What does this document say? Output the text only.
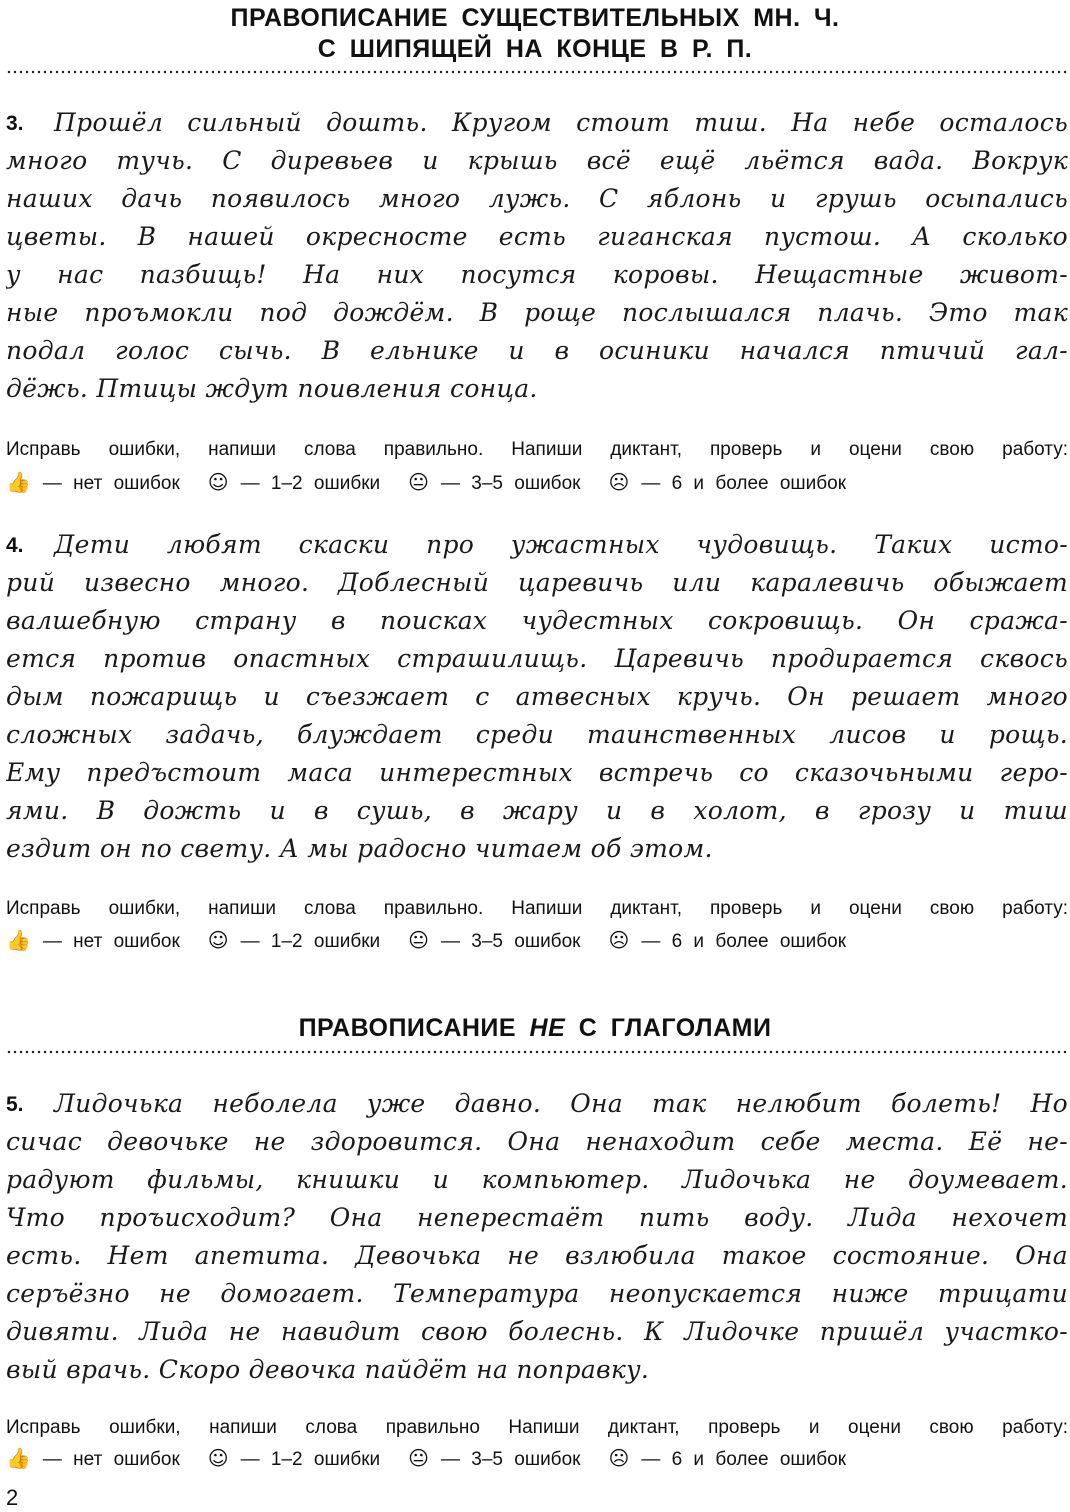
ПРАВОПИСАНИЕ СУЩЕСТВИТЕЛЬНЫХ МН. Ч.
С ШИПЯЩЕЙ НА КОНЦЕ В Р. П.
3.	Прошёл сильный дошть. Кругом стоит тиш. На небе осталось
много тучь. С диревьев и крышь всё ещё льётся вада. Вокрук
наших дачь появилось много лужь. С яблонь и грушь осыпались
цветы. В нашей окресносте есть гиганская пустош. А сколько
у нас пазбищь! На них посутся коровы. Нещастные живот-
ные проъмокли под дождём. В роще послышался плачь. Это так
подал голос сычь. В ельнике и в осиники начался птичий гал-
дёжь. Птицы ждут поивления сонца.
Исправь ошибки, напиши слова правильно. Напиши диктант, проверь и оцени свою работу:
👍 — нет ошибок ☺ — 1–2 ошибки 😐 — 3–5 ошибок ☹ — 6 и более ошибок
4.	Дети любят скаски про ужастных чудовищь. Таких исто-
рий извесно много. Доблесный царевичь или каралевичь обыжает
валшебную страну в поисках чудестных сокровищь. Он сража-
ется против опастных страшилищь. Царевичь продирается сквось
дым пожарищь и съезжает с атвесных кручь. Он решает много
сложных задачь, блуждает среди таинственных лисов и рощь.
Ему предъстоит маса интерестных встречь со сказочьными геро-
ями. В дожть и в сушь, в жару и в холот, в грозу и тиш
ездит он по свету. А мы радосно читаем об этом.
Исправь ошибки, напиши слова правильно. Напиши диктант, проверь и оцени свою работу:
👍 — нет ошибок ☺ — 1–2 ошибки 😐 — 3–5 ошибок ☹ — 6 и более ошибок
ПРАВОПИСАНИЕ НЕ С ГЛАГОЛАМИ
5.	Лидочька неболела уже давно. Она так нелюбит болеть! Но
сичас девочьке не здоровится. Она ненаходит себе места. Её не-
радуют фильмы, книшки и компьютер. Лидочька не доумевает.
Что проъисходит? Она неперестаёт пить воду. Лида нехочет
есть. Нет апетита. Девочька не взлюбила такое состояние. Она
серъёзно не домогает. Температура неопускается ниже трицати
дивяти. Лида не навидит свою болеснь. К Лидочке пришёл участко-
вый врачь. Скоро девочка пайдёт на поправку.
Исправь ошибки, напиши слова правильно Напиши диктант, проверь и оцени свою работу:
👍 — нет ошибок ☺ — 1–2 ошибки 😐 — 3–5 ошибок ☹ — 6 и более ошибок
2
